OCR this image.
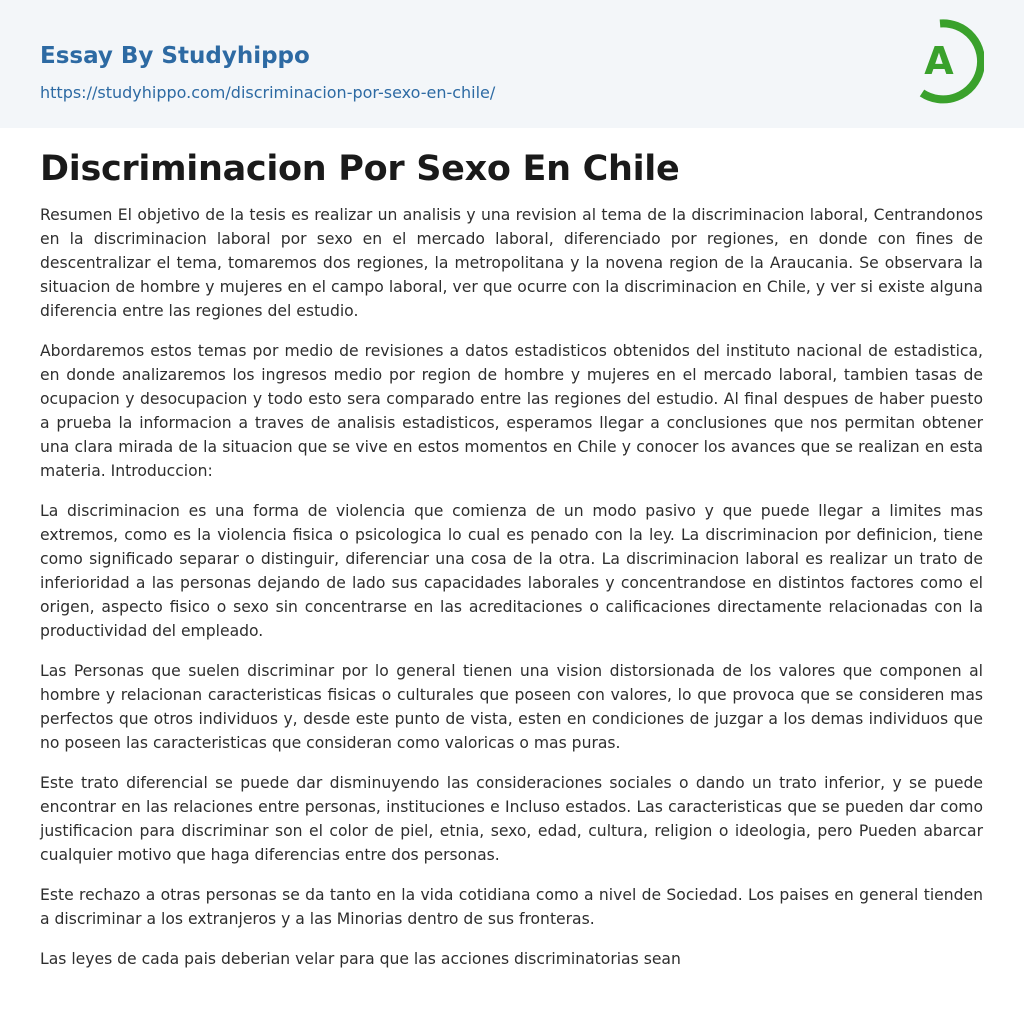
Essay By Studyhippo
https://studyhippo.com/discriminacion-por-sexo-en-chile/
A
Discriminacion Por Sexo En Chile

Resumen El objetivo de la tesis es realizar un analisis y una revision al tema de la discriminacion laboral, Centrandonos en la discriminacion laboral por sexo en el mercado laboral, diferenciado por regiones, en donde con fines de descentralizar el tema, tomaremos dos regiones, la metropolitana y la novena region de la Araucania. Se observara la situacion de hombre y mujeres en el campo laboral, ver que ocurre con la discriminacion en Chile, y ver si existe alguna diferencia entre las regiones del estudio.

Abordaremos estos temas por medio de revisiones a datos estadisticos obtenidos del instituto nacional de estadistica, en donde analizaremos los ingresos medio por region de hombre y mujeres en el mercado laboral, tambien tasas de ocupacion y desocupacion y todo esto sera comparado entre las regiones del estudio. Al final despues de haber puesto a prueba la informacion a traves de analisis estadisticos, esperamos llegar a conclusiones que nos permitan obtener una clara mirada de la situacion que se vive en estos momentos en Chile y conocer los avances que se realizan en esta materia. Introduccion:

La discriminacion es una forma de violencia que comienza de un modo pasivo y que puede llegar a limites mas extremos, como es la violencia fisica o psicologica lo cual es penado con la ley. La discriminacion por definicion, tiene como significado separar o distinguir, diferenciar una cosa de la otra. La discriminacion laboral es realizar un trato de inferioridad a las personas dejando de lado sus capacidades laborales y concentrandose en distintos factores como el origen, aspecto fisico o sexo sin concentrarse en las acreditaciones o calificaciones directamente relacionadas con la productividad del empleado.

Las Personas que suelen discriminar por lo general tienen una vision distorsionada de los valores que componen al hombre y relacionan caracteristicas fisicas o culturales que poseen con valores, lo que provoca que se consideren mas perfectos que otros individuos y, desde este punto de vista, esten en condiciones de juzgar a los demas individuos que no poseen las caracteristicas que consideran como valoricas o mas puras.

Este trato diferencial se puede dar disminuyendo las consideraciones sociales o dando un trato inferior, y se puede encontrar en las relaciones entre personas, instituciones e Incluso estados. Las caracteristicas que se pueden dar como justificacion para discriminar son el color de piel, etnia, sexo, edad, cultura, religion o ideologia, pero Pueden abarcar cualquier motivo que haga diferencias entre dos personas.

Este rechazo a otras personas se da tanto en la vida cotidiana como a nivel de Sociedad. Los paises en general tienden a discriminar a los extranjeros y a las Minorias dentro de sus fronteras.

Las leyes de cada pais deberian velar para que las acciones discriminatorias sean
